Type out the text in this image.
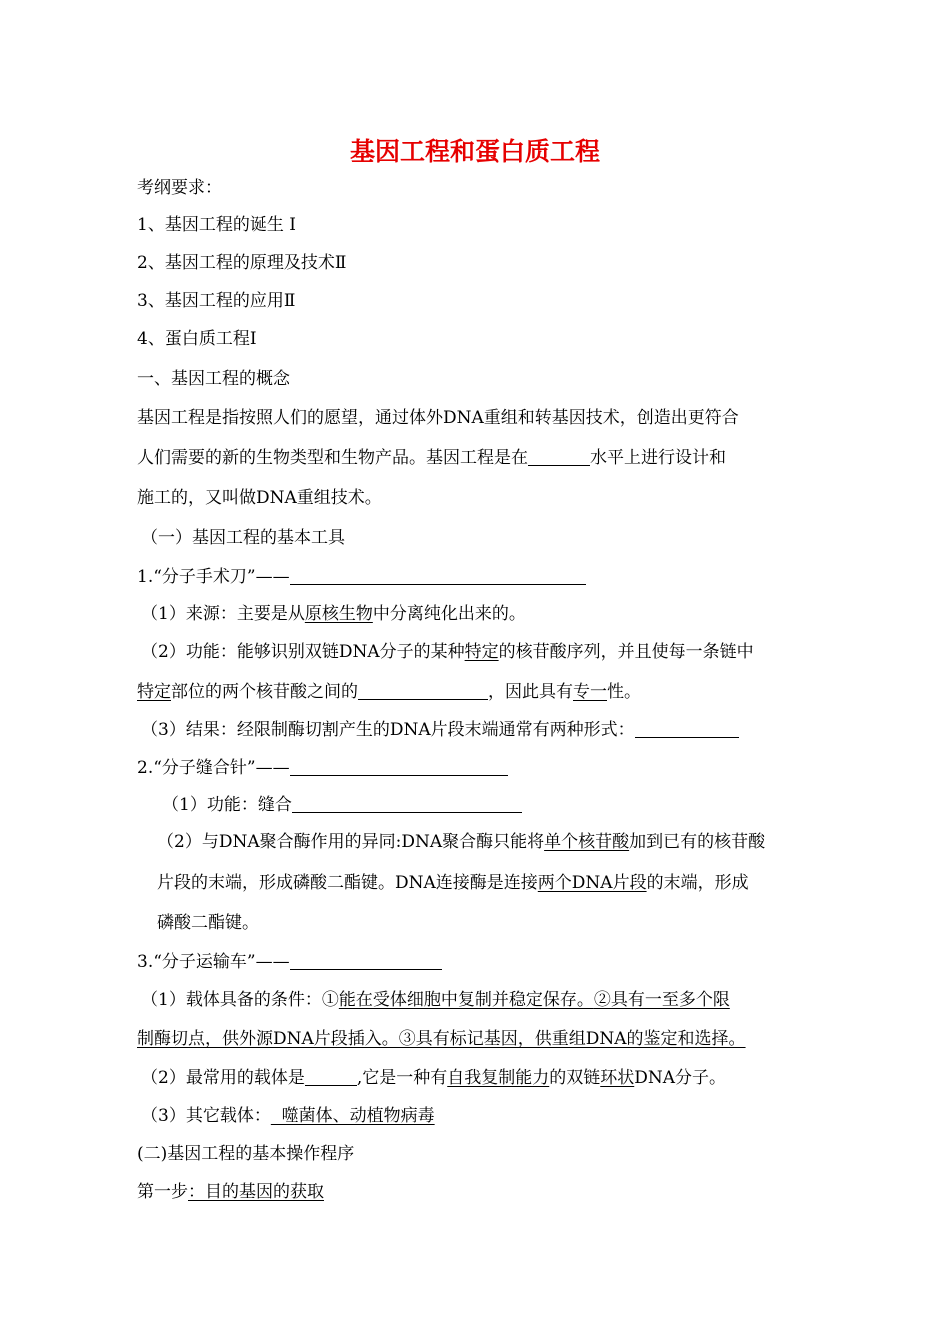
基因工程和蛋白质工程
考纲要求：
1、基因工程的诞生 Ⅰ
2、基因工程的原理及技术Ⅱ
3、基因工程的应用Ⅱ
4、蛋白质工程Ⅰ
一、基因工程的概念
基因工程是指按照人们的愿望，通过体外DNA重组和转基因技术，创造出更符合
人们需要的新的生物类型和生物产品。基因工程是在	水平上进行设计和
施工的，又叫做DNA重组技术。
（一）基因工程的基本工具
1.“分子手术刀”——
（1）来源：主要是从原核生物中分离纯化出来的。
（2）功能：能够识别双链DNA分子的某种特定的核苷酸序列，并且使每一条链中
特定部位的两个核苷酸之间的	，因此具有专一性。
（3）结果：经限制酶切割产生的DNA片段末端通常有两种形式：
2.“分子缝合针”——
（1）功能：缝合
（2）与DNA聚合酶作用的异同:DNA聚合酶只能将单个核苷酸加到已有的核苷酸
片段的末端，形成磷酸二酯键。DNA连接酶是连接两个DNA片段的末端，形成
磷酸二酯键。
3.“分子运输车”——
（1）载体具备的条件：①能在受体细胞中复制并稳定保存。②具有一至多个限
制酶切点，供外源DNA片段插入。③具有标记基因，供重组DNA的鉴定和选择。
（2）最常用的载体是	,它是一种有自我复制能力的双链环状DNA分子。
（3）其它载体：  噬菌体、动植物病毒
(二)基因工程的基本操作程序
第一步：目的基因的获取
